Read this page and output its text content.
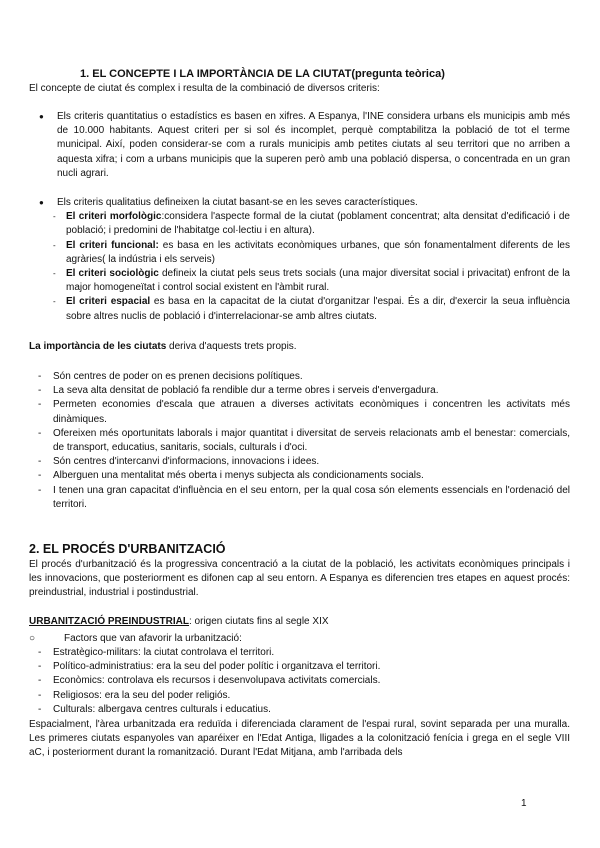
1. EL CONCEPTE I LA IMPORTÀNCIA DE LA CIUTAT(pregunta teòrica)
El concepte de ciutat és complex i resulta de la combinació de diversos criteris:
● Els criteris quantitatius o estadístics es basen en xifres. A Espanya, l'INE considera urbans els municipis amb més de 10.000 habitants. Aquest criteri per si sol és incomplet, perquè comptabilitza la població de tot el terme municipal. Així, poden considerar-se com a rurals municipis amb petites ciutats al seu territori que no arriben a aquesta xifra; i com a urbans municipis que la superen però amb una població dispersa, o concentrada en un gran nucli agrari.
● Els criteris qualitatius defineixen la ciutat basant-se en les seves característiques.
- El criteri morfològic:considera l'aspecte formal de la ciutat (poblament concentrat; alta densitat d'edificació i de població; i predomini de l'habitatge col·lectiu i en altura).
- El criteri funcional: es basa en les activitats econòmiques urbanes, que són fonamentalment diferents de les agràries( la indústria i els serveis)
- El criteri sociològic defineix la ciutat pels seus trets socials (una major diversitat social i privacitat) enfront de la major homogeneïtat i control social existent en l'àmbit rural.
- El criteri espacial es basa en la capacitat de la ciutat d'organitzar l'espai. És a dir, d'exercir la seua influència sobre altres nuclis de població i d'interrelacionar-se amb altres ciutats.
La importància de les ciutats deriva d'aquests trets propis.
- Són centres de poder on es prenen decisions polítiques.
- La seva alta densitat de població fa rendible dur a terme obres i serveis d'envergadura.
- Permeten economies d'escala que atrauen a diverses activitats econòmiques i concentren les activitats més dinàmiques.
- Ofereixen més oportunitats laborals i major quantitat i diversitat de serveis relacionats amb el benestar: comercials, de transport, educatius, sanitaris, socials, culturals i d'oci.
- Són centres d'intercanvi d'informacions, innovacions i idees.
- Alberguen una mentalitat més oberta i menys subjecta als condicionaments socials.
- I tenen una gran capacitat d'influència en el seu entorn, per la qual cosa són elements essencials en l'ordenació del territori.
2. EL PROCÉS D'URBANITZACIÓ
El procés d'urbanització és la progressiva concentració a la ciutat de la població, les activitats econòmiques principals i les innovacions, que posteriorment es difonen cap al seu entorn. A Espanya es diferencien tres etapes en aquest procés: preindustrial, industrial i postindustrial.
URBANITZACIÓ PREINDUSTRIAL: origen ciutats fins al segle XIX
○	Factors que van afavorir la urbanització:
- Estratègico-militars: la ciutat controlava el territori.
- Político-administratius: era la seu del poder polític i organitzava el territori.
- Econòmics: controlava els recursos i desenvolupava activitats comercials.
- Religiosos: era la seu del poder religiós.
- Culturals: albergava centres culturals i educatius.
Espacialment, l'àrea urbanitzada era reduïda i diferenciada clarament de l'espai rural, sovint separada per una muralla. Les primeres ciutats espanyoles van aparéixer en l'Edat Antiga, lligades a la colonització fenícia i grega en el segle VIII aC, i posteriorment durant la romanització. Durant l'Edat Mitjana, amb l'arribada dels
1
